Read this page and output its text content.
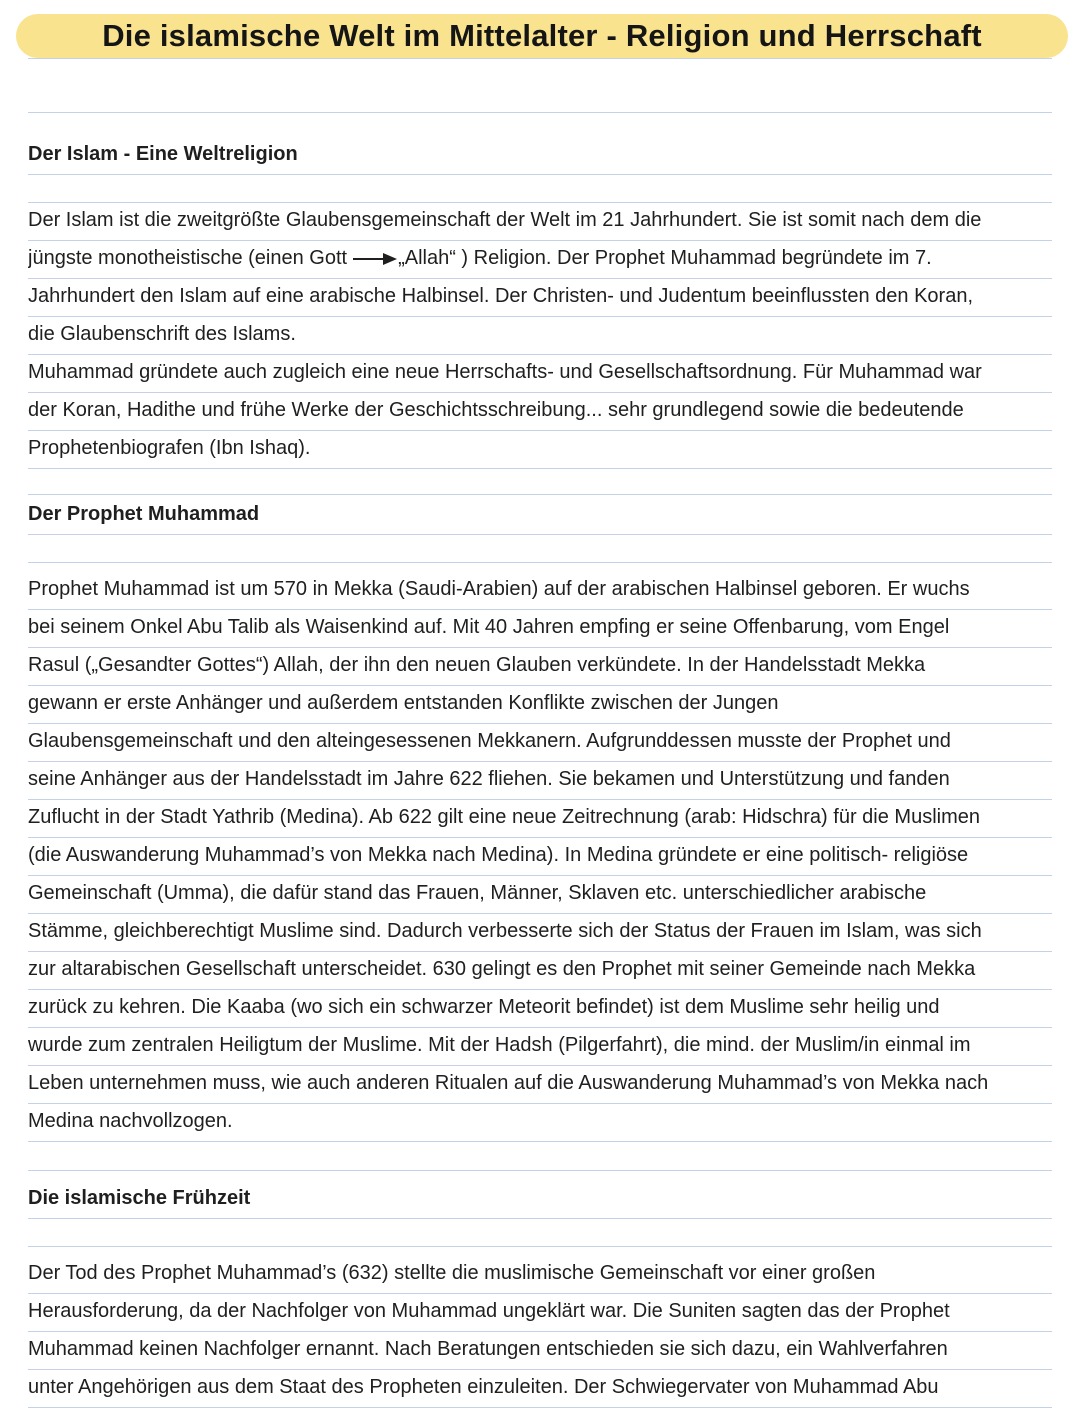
Die islamische Welt im Mittelalter - Religion und Herrschaft
Der Islam - Eine Weltreligion
Der Islam ist die zweitgrößte Glaubensgemeinschaft der Welt im 21 Jahrhundert. Sie ist somit nach dem die
jüngste monotheistische (einen Gott	„Allah“ ) Religion. Der Prophet Muhammad begründete im 7.
Jahrhundert den Islam auf eine arabische Halbinsel. Der Christen- und Judentum beeinflussten den Koran,
die Glaubenschrift des Islams.
Muhammad gründete auch zugleich eine neue Herrschafts- und Gesellschaftsordnung. Für Muhammad war
der Koran, Hadithe und frühe Werke der Geschichtsschreibung... sehr grundlegend sowie die bedeutende
Prophetenbiografen (Ibn Ishaq).
Der Prophet Muhammad
Prophet Muhammad ist um 570 in Mekka (Saudi-Arabien) auf der arabischen Halbinsel geboren. Er wuchs
bei seinem Onkel Abu Talib als Waisenkind auf. Mit 40 Jahren empfing er seine Offenbarung, vom Engel
Rasul („Gesandter Gottes“) Allah, der ihn den neuen Glauben verkündete. In der Handelsstadt Mekka
gewann er erste Anhänger und außerdem entstanden Konflikte zwischen der Jungen
Glaubensgemeinschaft und den alteingesessenen Mekkanern. Aufgrunddessen musste der Prophet und
seine Anhänger aus der Handelsstadt im Jahre 622 fliehen. Sie bekamen und Unterstützung und fanden
Zuflucht in der Stadt Yathrib (Medina). Ab 622 gilt eine neue Zeitrechnung (arab: Hidschra) für die Muslimen
(die Auswanderung Muhammad’s von Mekka nach Medina). In Medina gründete er eine politisch- religiöse
Gemeinschaft (Umma), die dafür stand das Frauen, Männer, Sklaven etc. unterschiedlicher arabische
Stämme, gleichberechtigt Muslime sind. Dadurch verbesserte sich der Status der Frauen im Islam, was sich
zur altarabischen Gesellschaft unterscheidet. 630 gelingt es den Prophet mit seiner Gemeinde nach Mekka
zurück zu kehren. Die Kaaba (wo sich ein schwarzer Meteorit befindet) ist dem Muslime sehr heilig und
wurde zum zentralen Heiligtum der Muslime. Mit der Hadsh (Pilgerfahrt), die mind. der Muslim/in einmal im
Leben unternehmen muss, wie auch anderen Ritualen auf die Auswanderung Muhammad’s von Mekka nach
Medina nachvollzogen.
Die islamische Frühzeit
Der Tod des Prophet Muhammad’s (632) stellte die muslimische Gemeinschaft vor einer großen
Herausforderung, da der Nachfolger von Muhammad ungeklärt war. Die Suniten sagten das der Prophet
Muhammad keinen Nachfolger ernannt. Nach Beratungen entschieden sie sich dazu, ein Wahlverfahren
unter Angehörigen aus dem Staat des Propheten einzuleiten. Der Schwiegervater von Muhammad Abu
